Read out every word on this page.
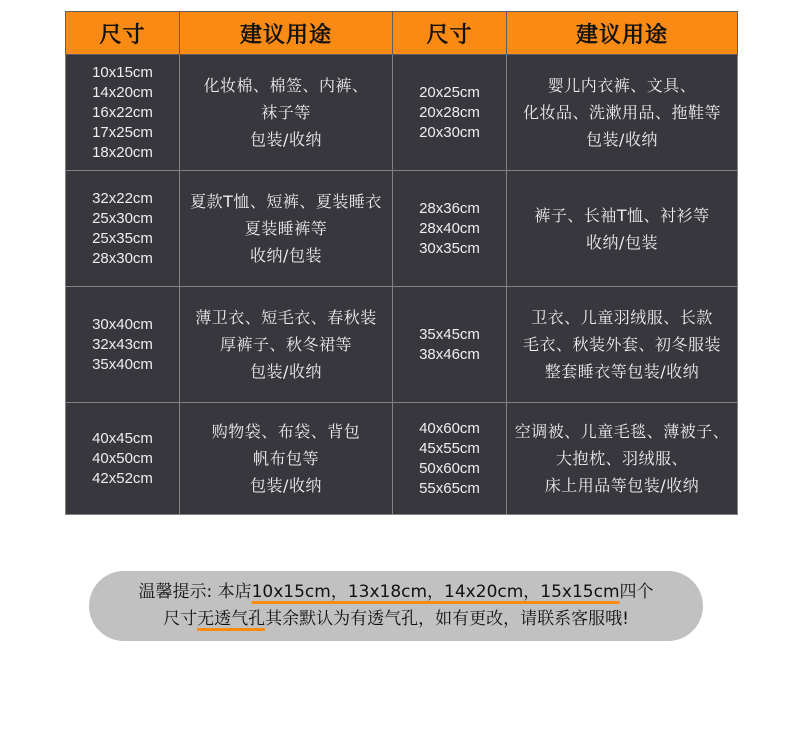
尺寸	建议用途	尺寸	建议用途

10x15cm
14x20cm
16x22cm
17x25cm
18x20cm	化妆棉、棉签、内裤、
袜子等
包装/收纳	20x25cm
20x28cm
20x30cm	婴儿内衣裤、文具、
化妆品、洗漱用品、拖鞋等
包装/收纳

32x22cm
25x30cm
25x35cm
28x30cm	夏款T恤、短裤、夏装睡衣
夏装睡裤等
收纳/包装	28x36cm
28x40cm
30x35cm	裤子、长袖T恤、衬衫等
收纳/包装

30x40cm
32x43cm
35x40cm	薄卫衣、短毛衣、春秋装
厚裤子、秋冬裙等
包装/收纳	35x45cm
38x46cm	卫衣、儿童羽绒服、长款
毛衣、秋装外套、初冬服装
整套睡衣等包装/收纳

40x45cm
40x50cm
42x52cm	购物袋、布袋、背包
帆布包等
包装/收纳	40x60cm
45x55cm
50x60cm
55x65cm	空调被、儿童毛毯、薄被子、
大抱枕、羽绒服、
床上用品等包装/收纳
温馨提示: 本店10x15cm，13x18cm，14x20cm，15x15cm四个
尺寸无透气孔其余默认为有透气孔，如有更改，请联系客服哦!
